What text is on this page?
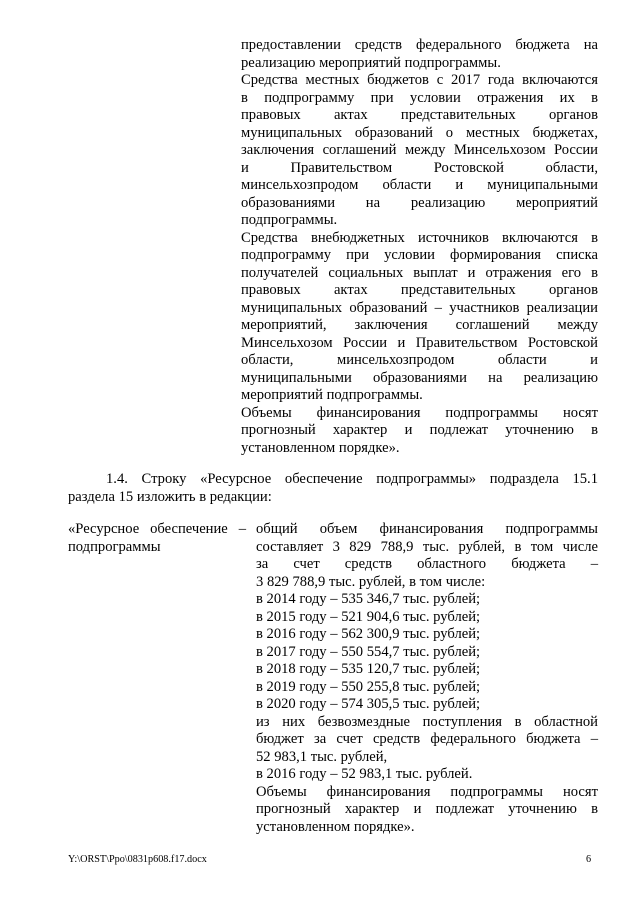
предоставлении средств федерального бюджета на
реализацию мероприятий подпрограммы.
Средства местных бюджетов с 2017 года включаются
в подпрограмму при условии отражения их в
правовых актах представительных органов
муниципальных образований о местных бюджетах,
заключения соглашений между Минсельхозом России
и Правительством Ростовской области,
минсельхозпродом области и муниципальными
образованиями на реализацию мероприятий
подпрограммы.
Средства внебюджетных источников включаются в
подпрограмму при условии формирования списка
получателей социальных выплат и отражения его в
правовых актах представительных органов
муниципальных образований – участников реализации
мероприятий, заключения соглашений между
Минсельхозом России и Правительством Ростовской
области, минсельхозпродом области и
муниципальными образованиями на реализацию
мероприятий подпрограммы.
Объемы финансирования подпрограммы носят
прогнозный характер и подлежат уточнению в
установленном порядке».
1.4. Строку «Ресурсное обеспечение подпрограммы» подраздела 15.1
раздела 15 изложить в редакции:
«Ресурсное обеспечение –
подпрограммы
общий объем финансирования подпрограммы
составляет 3 829 788,9 тыс. рублей, в том числе
за счет средств областного бюджета –
3 829 788,9 тыс. рублей, в том числе:
в 2014 году – 535 346,7 тыс. рублей;
в 2015 году – 521 904,6 тыс. рублей;
в 2016 году – 562 300,9 тыс. рублей;
в 2017 году – 550 554,7 тыс. рублей;
в 2018 году – 535 120,7 тыс. рублей;
в 2019 году – 550 255,8 тыс. рублей;
в 2020 году – 574 305,5 тыс. рублей;
из них безвозмездные поступления в областной
бюджет за счет средств федерального бюджета –
52 983,1 тыс. рублей,
в 2016 году – 52 983,1 тыс. рублей.
Объемы финансирования подпрограммы носят
прогнозный характер и подлежат уточнению в
установленном порядке».
Y:\ORST\Ppo\0831p608.f17.docx	6
